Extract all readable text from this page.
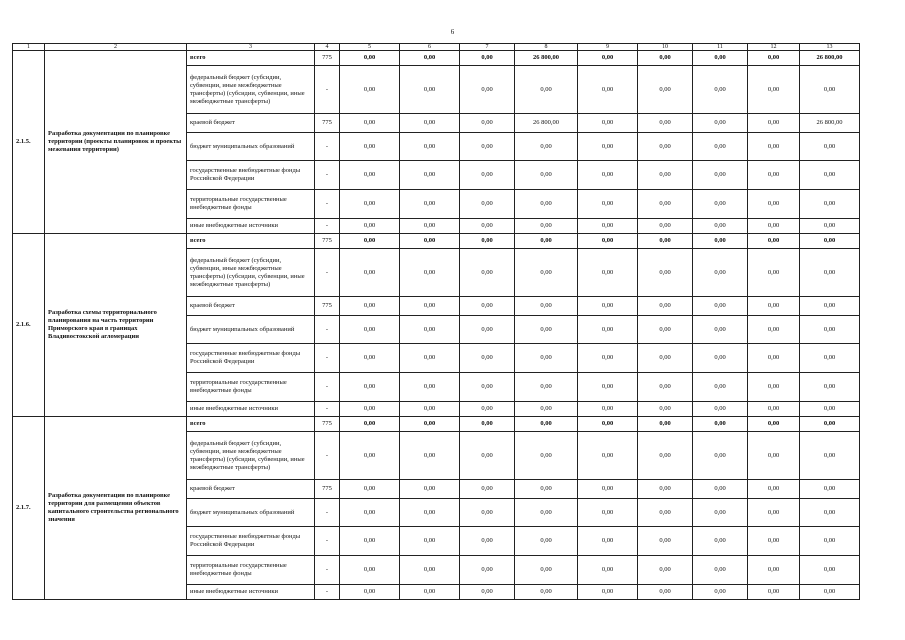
6
1	2	3	4	5	6	7	8	9	10	11	12	13
2.1.5.	Разработка документации по планировке территории (проекты планировок и проекты межевания территории)	всего	775	0,00	0,00	0,00	26 800,00	0,00	0,00	0,00	0,00	26 800,00
		федеральный бюджет (субсидии, субвенции, иные межбюджетные трансферты) (субсидии, субвенции, иные межбюджетные трансферты)	-	0,00	0,00	0,00	0,00	0,00	0,00	0,00	0,00	0,00
		краевой бюджет	775	0,00	0,00	0,00	26 800,00	0,00	0,00	0,00	0,00	26 800,00
		бюджет муниципальных образований	-	0,00	0,00	0,00	0,00	0,00	0,00	0,00	0,00	0,00
		государственные внебюджетные фонды Российской Федерации	-	0,00	0,00	0,00	0,00	0,00	0,00	0,00	0,00	0,00
		территориальные государственные внебюджетные фонды	-	0,00	0,00	0,00	0,00	0,00	0,00	0,00	0,00	0,00
		иные внебюджетные источники	-	0,00	0,00	0,00	0,00	0,00	0,00	0,00	0,00	0,00
2.1.6.	Разработка схемы территориального планирования на часть территории Приморского края в границах Владивостокской агломерации	всего	775	0,00	0,00	0,00	0,00	0,00	0,00	0,00	0,00	0,00
		федеральный бюджет (субсидии, субвенции, иные межбюджетные трансферты) (субсидии, субвенции, иные межбюджетные трансферты)	-	0,00	0,00	0,00	0,00	0,00	0,00	0,00	0,00	0,00
		краевой бюджет	775	0,00	0,00	0,00	0,00	0,00	0,00	0,00	0,00	0,00
		бюджет муниципальных образований	-	0,00	0,00	0,00	0,00	0,00	0,00	0,00	0,00	0,00
		государственные внебюджетные фонды Российской Федерации	-	0,00	0,00	0,00	0,00	0,00	0,00	0,00	0,00	0,00
		территориальные государственные внебюджетные фонды	-	0,00	0,00	0,00	0,00	0,00	0,00	0,00	0,00	0,00
		иные внебюджетные источники	-	0,00	0,00	0,00	0,00	0,00	0,00	0,00	0,00	0,00
2.1.7.	Разработка документации по планировке территории для размещения объектов капитального строительства регионального значения	всего	775	0,00	0,00	0,00	0,00	0,00	0,00	0,00	0,00	0,00
		федеральный бюджет (субсидии, субвенции, иные межбюджетные трансферты) (субсидии, субвенции, иные межбюджетные трансферты)	-	0,00	0,00	0,00	0,00	0,00	0,00	0,00	0,00	0,00
		краевой бюджет	775	0,00	0,00	0,00	0,00	0,00	0,00	0,00	0,00	0,00
		бюджет муниципальных образований	-	0,00	0,00	0,00	0,00	0,00	0,00	0,00	0,00	0,00
		государственные внебюджетные фонды Российской Федерации	-	0,00	0,00	0,00	0,00	0,00	0,00	0,00	0,00	0,00
		территориальные государственные внебюджетные фонды	-	0,00	0,00	0,00	0,00	0,00	0,00	0,00	0,00	0,00
		иные внебюджетные источники	-	0,00	0,00	0,00	0,00	0,00	0,00	0,00	0,00	0,00
